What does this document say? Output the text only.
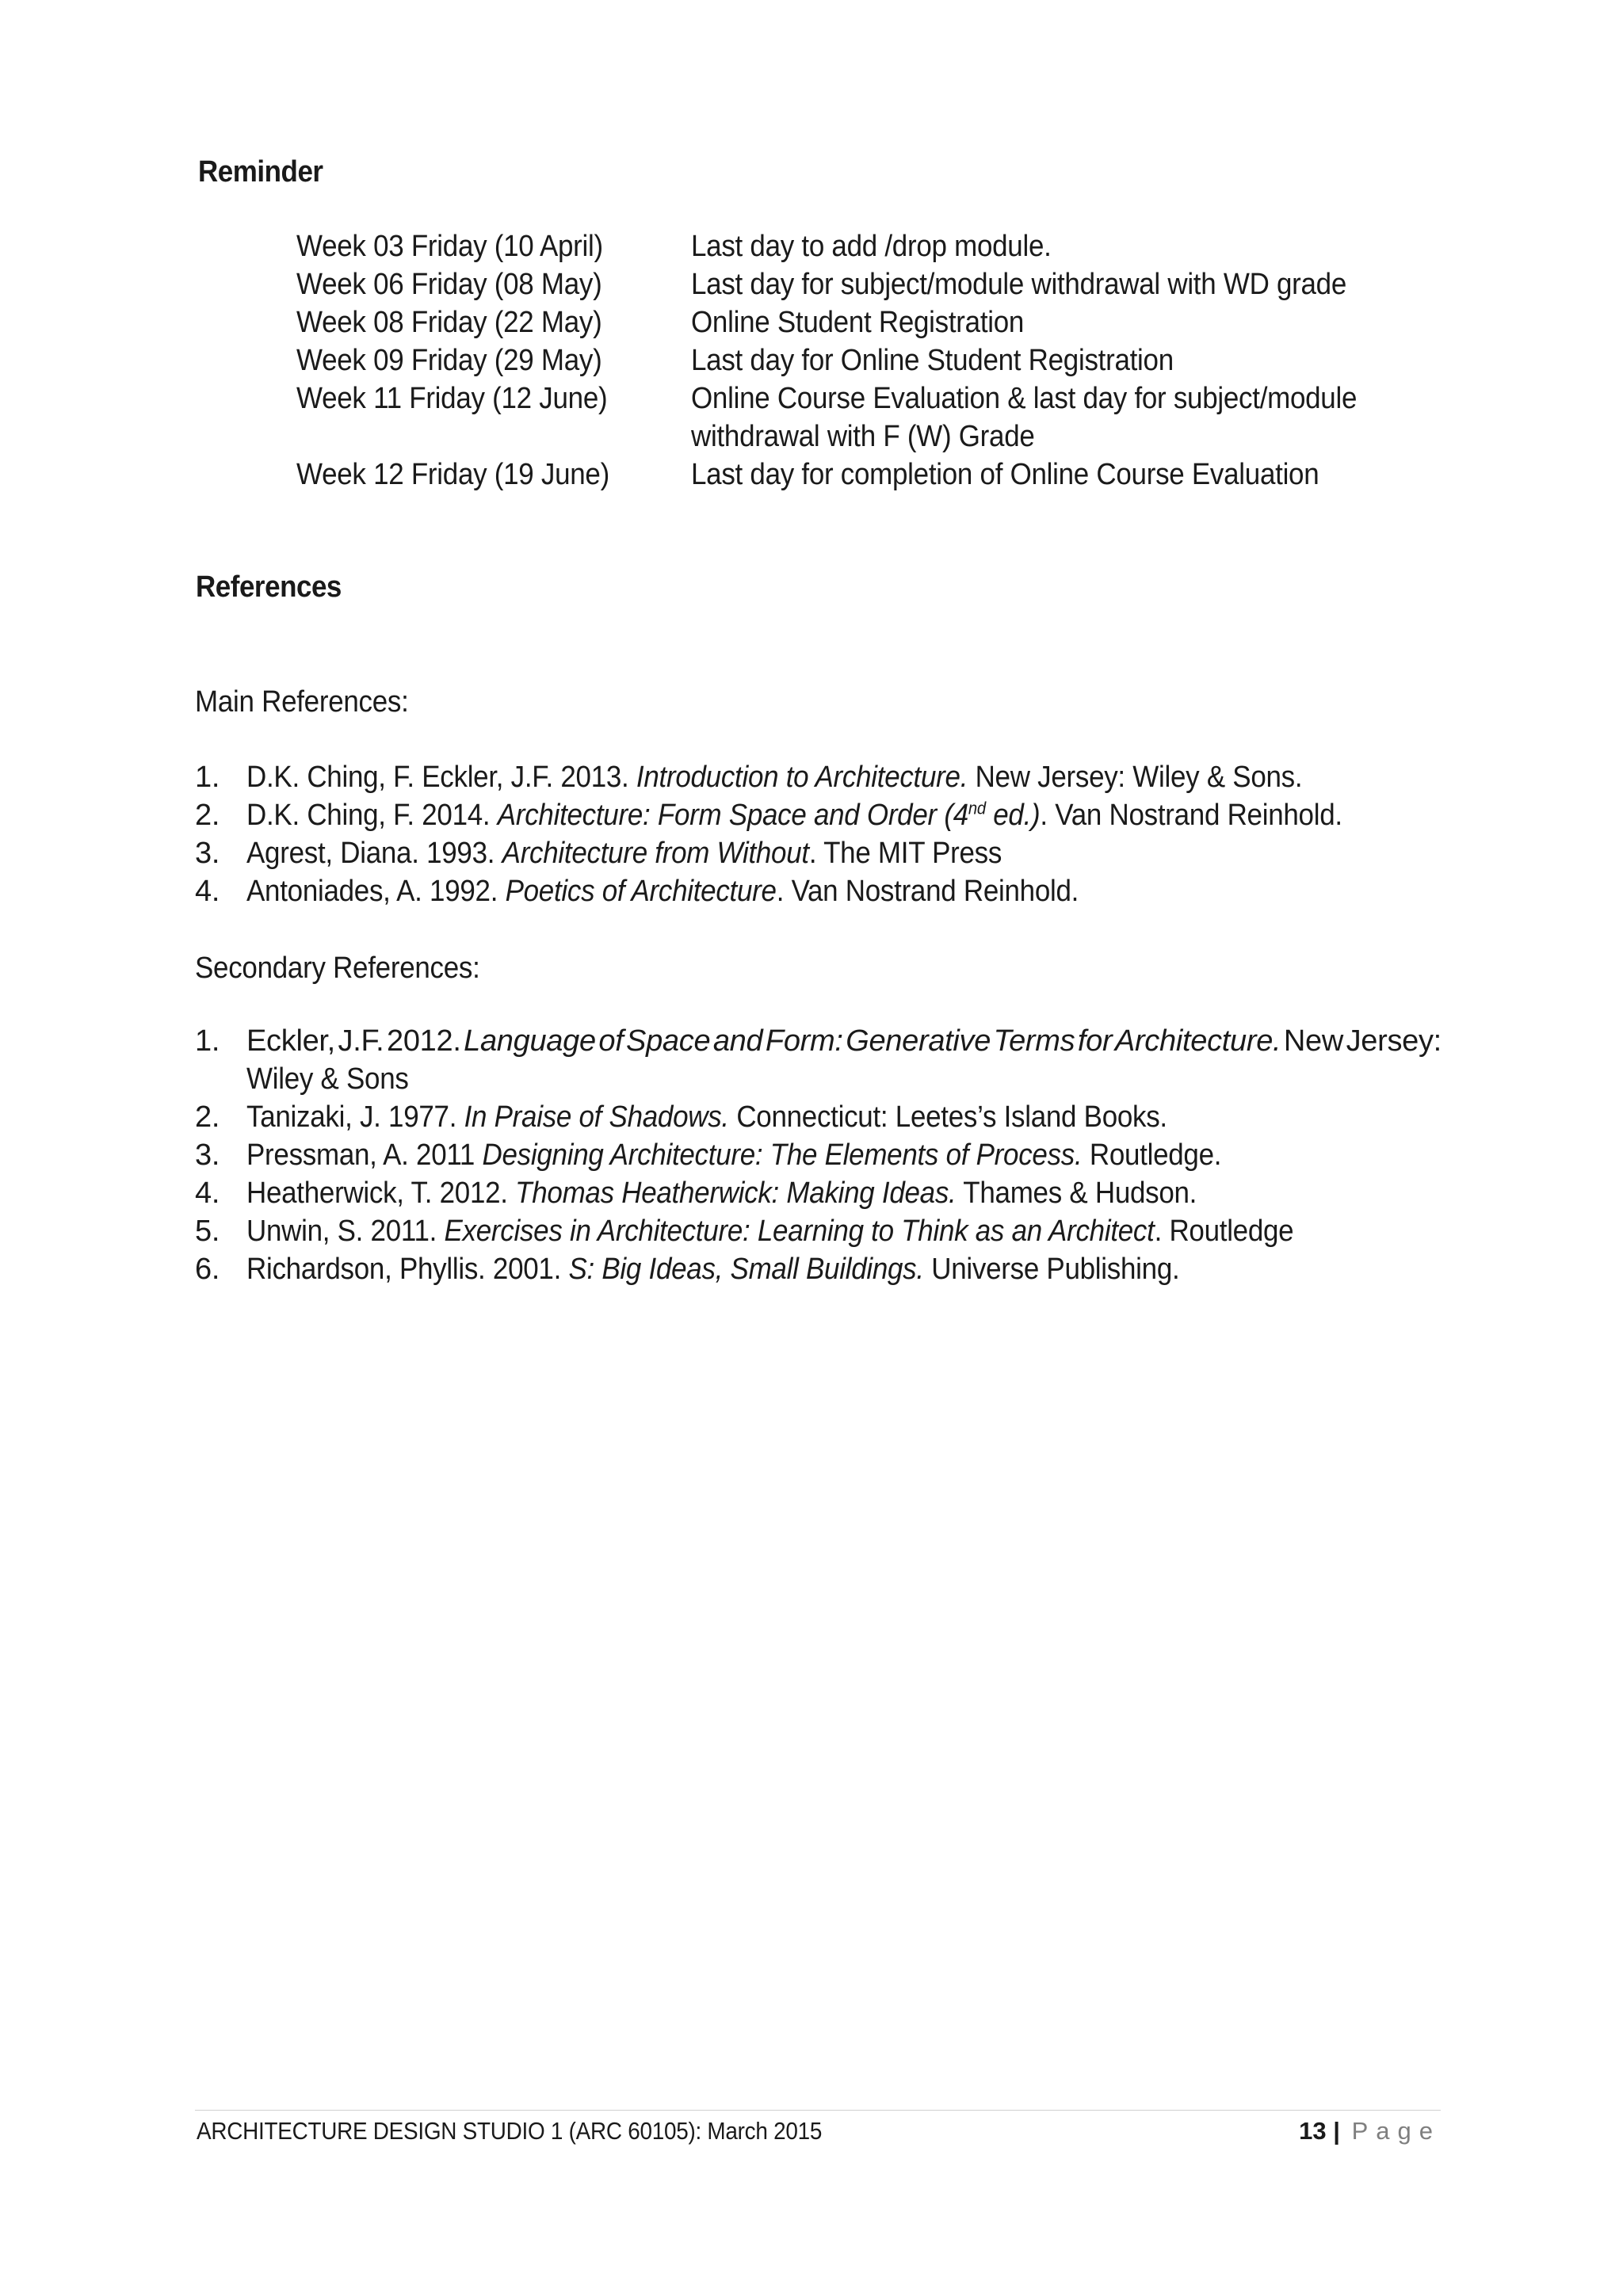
Reminder
Week 03 Friday (10 April)	Last day to add /drop module.
Week 06 Friday (08 May)	Last day for subject/module withdrawal with WD grade
Week 08 Friday (22 May)	Online Student Registration
Week 09 Friday (29 May)	Last day for Online Student Registration
Week 11 Friday (12 June)	Online Course Evaluation & last day for subject/module
withdrawal with F (W) Grade
Week 12 Friday (19 June)	Last day for completion of Online Course Evaluation
References
Main References:
1. D.K. Ching, F. Eckler, J.F. 2013. Introduction to Architecture. New Jersey: Wiley & Sons.
2. D.K. Ching, F. 2014. Architecture: Form Space and Order (4nd ed.). Van Nostrand Reinhold.
3. Agrest, Diana. 1993. Architecture from Without. The MIT Press
4. Antoniades, A. 1992. Poetics of Architecture. Van Nostrand Reinhold.
Secondary References:
1. Eckler, J.F. 2012. Language of Space and Form: Generative Terms for Architecture. New Jersey:
Wiley & Sons
2. Tanizaki, J. 1977. In Praise of Shadows. Connecticut: Leetes’s Island Books.
3. Pressman, A. 2011 Designing Architecture: The Elements of Process. Routledge.
4. Heatherwick, T. 2012. Thomas Heatherwick: Making Ideas. Thames & Hudson.
5. Unwin, S. 2011. Exercises in Architecture: Learning to Think as an Architect. Routledge
6. Richardson, Phyllis. 2001. S: Big Ideas, Small Buildings. Universe Publishing.
ARCHITECTURE DESIGN STUDIO 1 (ARC 60105): March 2015	13 | Page
